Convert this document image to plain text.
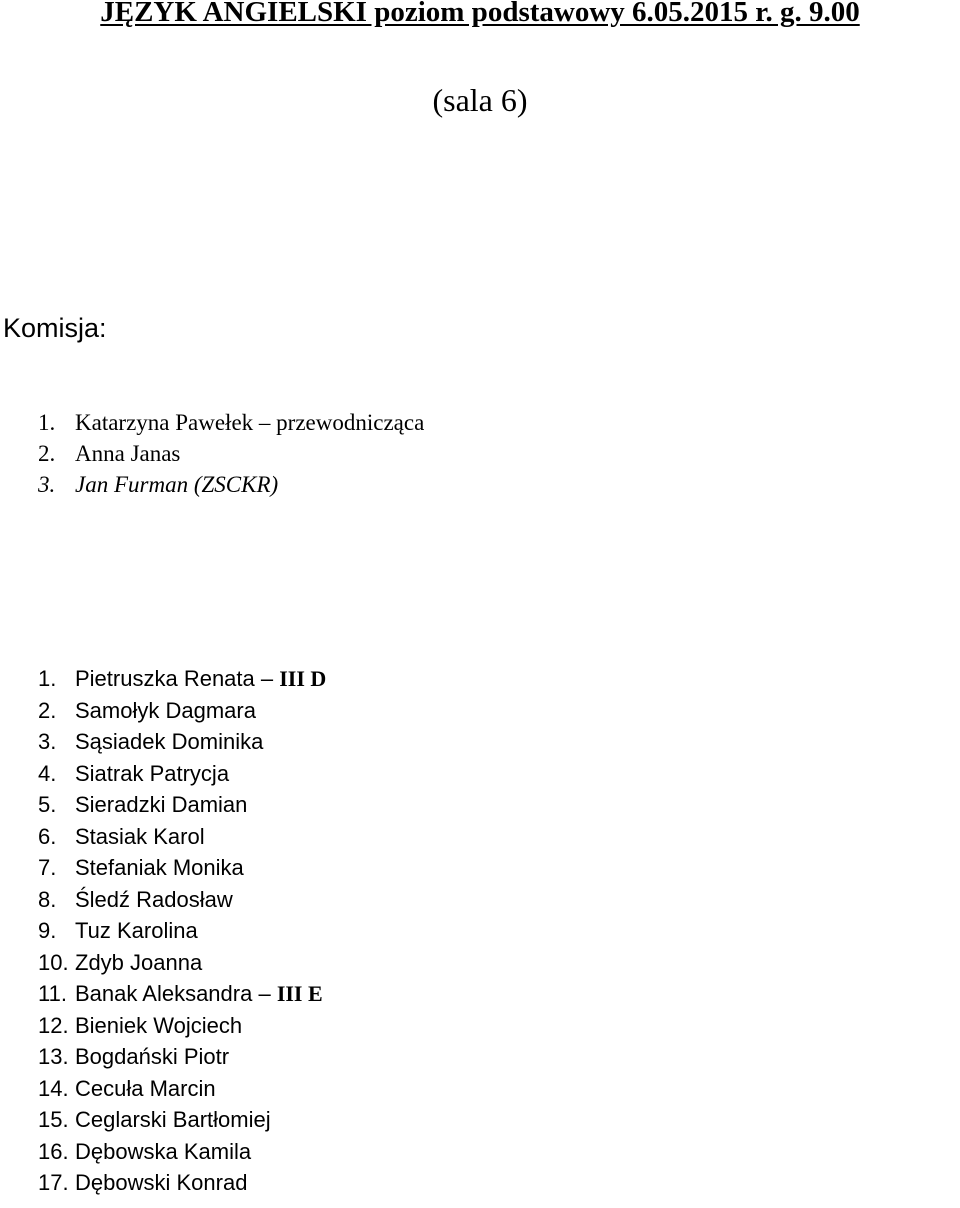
JĘZYK ANGIELSKI poziom podstawowy 6.05.2015 r. g. 9.00
(sala 6)
Komisja:
1. Katarzyna Pawełek – przewodnicząca
2. Anna Janas
3. Jan Furman (ZSCKR)
1. Pietruszka Renata – III D
2. Samołyk Dagmara
3. Sąsiadek Dominika
4. Siatrak Patrycja
5. Sieradzki Damian
6. Stasiak Karol
7. Stefaniak Monika
8. Śledź Radosław
9. Tuz Karolina
10. Zdyb Joanna
11. Banak Aleksandra – III E
12. Bieniek Wojciech
13. Bogdański Piotr
14. Cecuła Marcin
15. Ceglarski Bartłomiej
16. Dębowska Kamila
17. Dębowski Konrad
